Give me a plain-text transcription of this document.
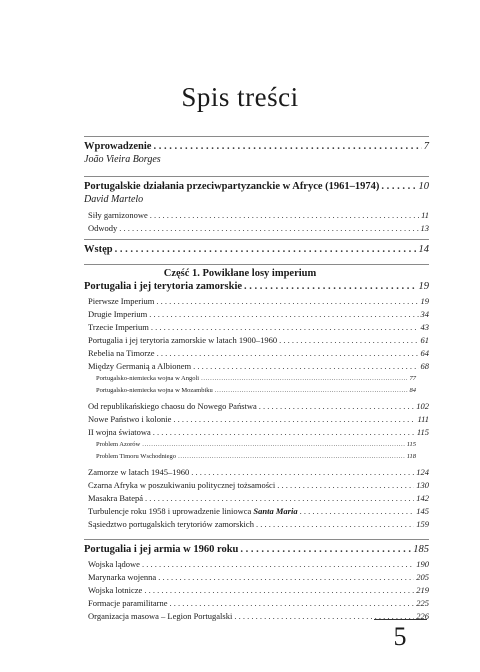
Spis treści
Wprowadzenie . . .	7
João Vieira Borges
Portugalskie działania przeciwpartyzanckie w Afryce (1961–1974) . . .	10
David Martelo
Siły garnizonowe . . .	11
Odwody . . .	13
Wstęp . . .	14
Część 1. Powikłane losy imperium
Portugalia i jej terytoria zamorskie . . .	19
Pierwsze Imperium . . .	19
Drugie Imperium . . .	34
Trzecie Imperium . . .	43
Portugalia i jej terytoria zamorskie w latach 1900–1960 . . .	61
Rebelia na Timorze . . .	64
Między Germanią a Albionem . . .	68
Portugalsko-niemiecka wojna w Angoli . . .	77
Portugalsko-niemiecka wojna w Mozambiku . . .	84
Od republikańskiego chaosu do Nowego Państwa . . .	102
Nowe Państwo i kolonie . . .	111
II wojna światowa . . .	115
Problem Azorów . . .	115
Problem Timoru Wschodniego . . .	118
Zamorze w latach 1945–1960 . . .	124
Czarna Afryka w poszukiwaniu politycznej tożsamości . . .	130
Masakra Batepá . . .	142
Turbulencje roku 1958 i uprowadzenie liniowca Santa Maria . . .	145
Sąsiedztwo portugalskich terytoriów zamorskich . . .	159
Portugalia i jej armia w 1960 roku . . .	185
Wojska lądowe . . .	190
Marynarka wojenna . . .	205
Wojska lotnicze . . .	219
Formacje paramilitarne . . .	225
Organizacja masowa – Legion Portugalski . . .	226
5
